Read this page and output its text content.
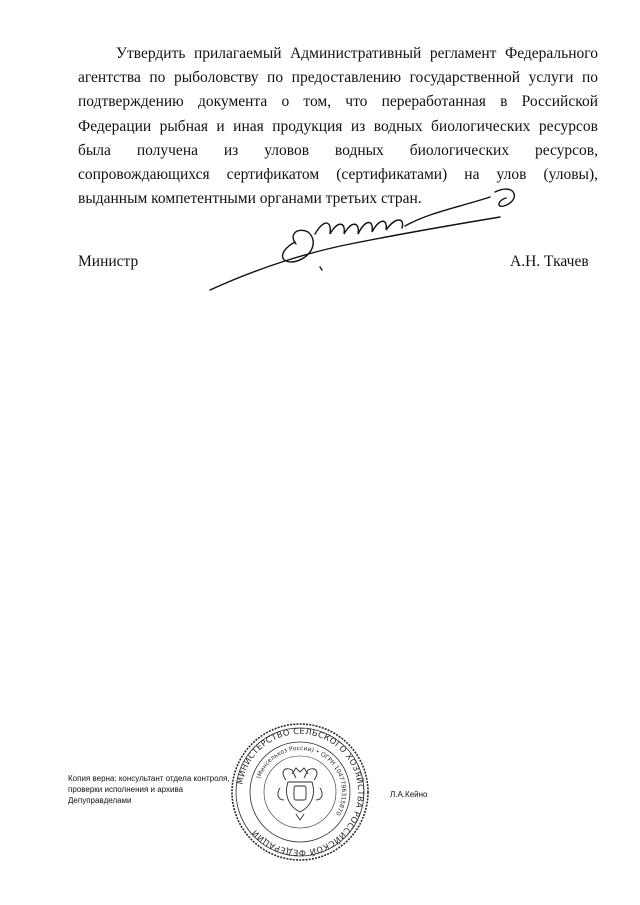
Утвердить прилагаемый Административный регламент Федерального агентства по рыболовству по предоставлению государственной услуги по подтверждению документа о том, что переработанная в Российской Федерации рыбная и иная продукция из водных биологических ресурсов была получена из уловов водных биологических ресурсов, сопровождающихся сертификатом (сертификатами) на улов (уловы), выданным компетентными органами третьих стран.

Министр	А.Н. Ткачев
Копия верна: консультант отдела контроля,
проверки исполнения и архива
Депуправделами
МИНИСТЕРСТВО СЕЛЬСКОГО ХОЗЯЙСТВА РОССИЙСКОЙ ФЕДЕРАЦИИ
(Минсельхоз России) • ОГРН 1047796315870
Л.А.Кейно
